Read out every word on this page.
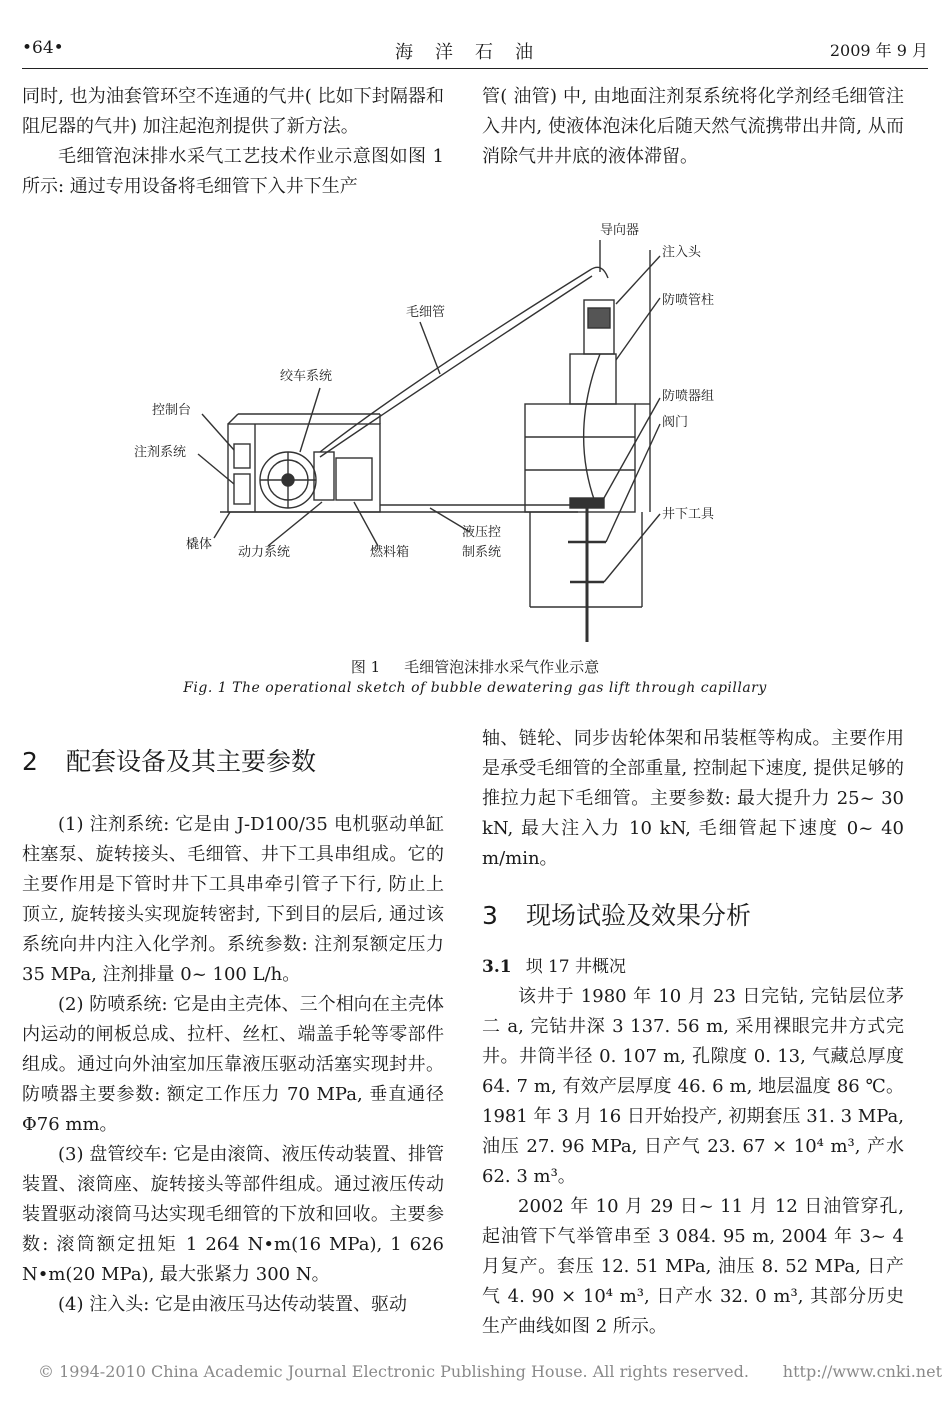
•64•	海洋石油	2009 年 9 月

同时, 也为油套管环空不连通的气井( 比如下封隔器和阻尼器的气井) 加注起泡剂提供了新方法。

毛细管泡沫排水采气工艺技术作业示意图如图 1 所示: 通过专用设备将毛细管下入井下生产

管( 油管) 中, 由地面注剂泵系统将化学剂经毛细管注入井内, 使液体泡沫化后随天然气流携带出井筒, 从而消除气井井底的液体滞留。

导向器
注入头
防喷管柱
毛细管
绞车系统
控制台
注剂系统
防喷器组
阀门
井下工具
橇体
动力系统	燃料箱
液压控
制系统
图 1 毛细管泡沫排水采气作业示意
Fig. 1 The operational sketch of bubble dewatering gas lift through capillary
2 配套设备及其主要参数

(1) 注剂系统: 它是由 J-D100/35 电机驱动单缸柱塞泵、旋转接头、毛细管、井下工具串组成。它的主要作用是下管时井下工具串牵引管子下行, 防止上顶立, 旋转接头实现旋转密封, 下到目的层后, 通过该系统向井内注入化学剂。系统参数: 注剂泵额定压力 35 MPa, 注剂排量 0~ 100 L/h。

(2) 防喷系统: 它是由主壳体、三个相向在主壳体内运动的闸板总成、拉杆、丝杠、端盖手轮等零部件组成。通过向外油室加压靠液压驱动活塞实现封井。防喷器主要参数: 额定工作压力 70 MPa, 垂直通径 Φ76 mm。

(3) 盘管绞车: 它是由滚筒、液压传动装置、排管装置、滚筒座、旋转接头等部件组成。通过液压传动装置驱动滚筒马达实现毛细管的下放和回收。主要参数: 滚筒额定扭矩 1 264 N•m(16 MPa), 1 626 N•m(20 MPa), 最大张紧力 300 N。

(4) 注入头: 它是由液压马达传动装置、驱动

轴、链轮、同步齿轮体架和吊装框等构成。主要作用是承受毛细管的全部重量, 控制起下速度, 提供足够的推拉力起下毛细管。主要参数: 最大提升力 25~ 30 kN, 最大注入力 10 kN, 毛细管起下速度 0~ 40 m/min。

3 现场试验及效果分析
3.1 坝 17 井概况

该井于 1980 年 10 月 23 日完钻, 完钻层位茅二 a, 完钻井深 3 137. 56 m, 采用裸眼完井方式完井。井筒半径 0. 107 m, 孔隙度 0. 13, 气藏总厚度 64. 7 m, 有效产层厚度 46. 6 m, 地层温度 86 ℃。1981 年 3 月 16 日开始投产, 初期套压 31. 3 MPa, 油压 27. 96 MPa, 日产气 23. 67 × 10⁴ m³, 产水 62. 3 m³。

2002 年 10 月 29 日~ 11 月 12 日油管穿孔, 起油管下气举管串至 3 084. 95 m, 2004 年 3~ 4 月复产。套压 12. 51 MPa, 油压 8. 52 MPa, 日产气 4. 90 × 10⁴ m³, 日产水 32. 0 m³, 其部分历史生产曲线如图 2 所示。

© 1994-2010 China Academic Journal Electronic Publishing House. All rights reserved. http://www.cnki.net
